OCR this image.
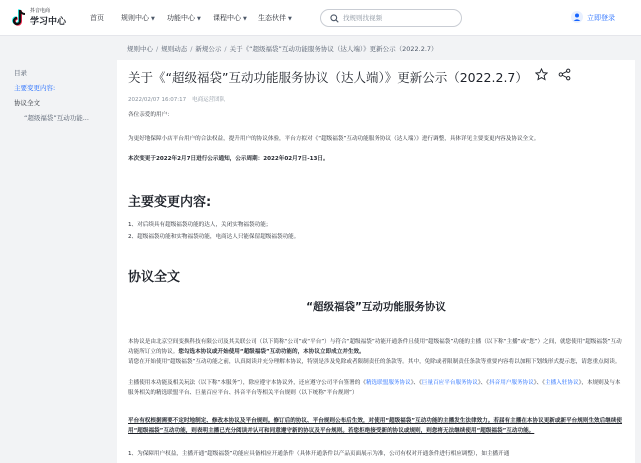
抖音电商
学习中心	首页 规则中心 ▼ 功能中心 ▼ 课程中心 ▼ 生态伙伴 ▼
找规则找视频	立即登录
规则中心 / 规则动态 / 新规公示 / 关于《“超级福袋”互动功能服务协议（达人端）》更新公示（2022.2.7）
目录
主要变更内容:
协议全文
“超级福袋”互动功能...
关于《“超级福袋”互动功能服务协议（达人端）》更新公示（2022.2.7）
2022/02/07 16:07:17 电商运营团队
各位亲爱的用户：
为更好地保障小店平台用户的合法权益，提升用户的协议体验，平台方拟对《“超级福袋”互动功能服务协议（达人端）》进行调整，具体详见主要变更内容及协议全文。
本次变更于2022年2月7日进行公示通知，公示周期：2022年02月7日-13日。
主要变更内容:
1、对后续具有超级福袋功能的达人，关闭实物福袋功能；
2、超级福袋功能和实物福袋功能，电商达人只能保留超级福袋功能。
协议全文
“超级福袋”互动功能服务协议
本协议是由北京空间变换科技有限公司及其关联公司（以下简称“公司”或“平台”）与符合“超级福袋”功能开通条件且使用“超级福袋”功能的主播（以下称“主播”或“您”）之间，就您使用“超级福袋”互动功能所订立的协议。您勾选本协议或开始使用“超级福袋”互动功能的，本协议立即成立并生效。
请您在开始使用“超级福袋”互动功能之前，认真阅读并充分理解本协议，特别是涉及免除或者限制责任的条款等。其中，免除或者限制责任条款等重要内容将以加粗下划线形式提示您，请您重点阅读。
主播使用本功能及相关玩法（以下称“本服务”），除应遵守本协议外，还应遵守公司平台签署的《精选联盟服务协议》、《巨量百应平台服务协议》、《抖音用户服务协议》、《主播入驻协议》，本规则及与本服务相关的精选联盟平台、巨量百应平台、抖音平台等相关平台规则（以下统称“平台规则”）
平台有权根据需要不定时地制定、修改本协议及平台规则。修订后的协议、平台规则公布后生效，对使用“超级福袋”互动功能的主播发生法律效力。若届有主播在本协议更新或新平台规则生效后继续使用“超级福袋”互动功能，则表明主播已充分阅读并认可和同意遵守新的协议及平台规则。若您拒绝接受新的协议或规则，则您将无法继续使用“超级福袋”互动功能。
1、为保障用户权益，主播开通“超级福袋”功能应具备相应开通条件（具体开通条件以产品页面展示为准，公司有权对开通条件进行相应调整），如主播开通
